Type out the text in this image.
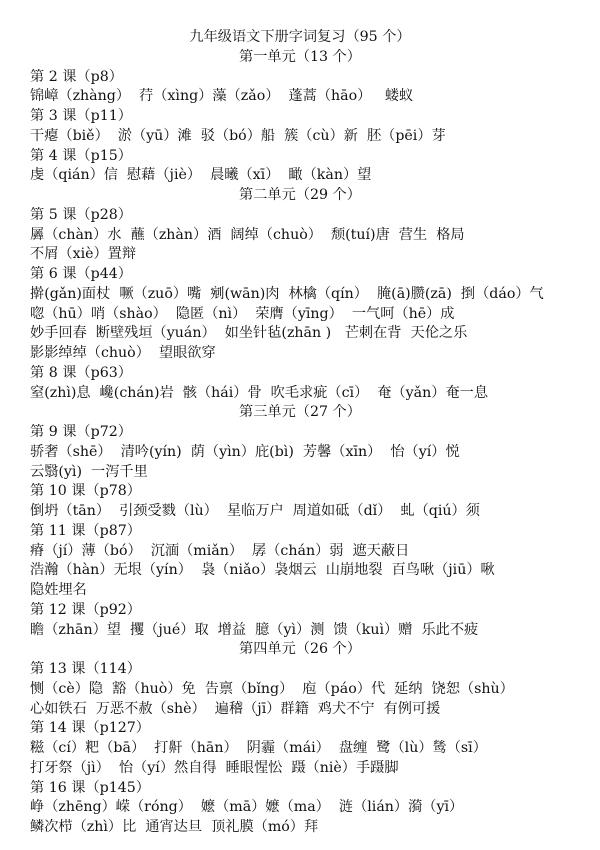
九年级语文下册字词复习（95 个）
第一单元（13 个）
第 2 课（p8）
锦嶂（zhàng）  荇（xìng）藻（zǎo）  蓬蒿（hāo）   蝼蚁
第 3 课（p11）
干瘪（biě）  淤（yū）滩  驳（bó）船  簇（cù）新  胚（pēi）芽
第 4 课（p15）
虔（qián）信  慰藉（jiè）  晨曦（xī）  瞰（kàn）望
第二单元（29 个）
第 5 课（p28）
羼（chàn）水  蘸（zhàn）酒  阔绰（chuò）  颓(tuí)唐  营生  格局
不屑（xiè）置辩
第 6 课（p44）
擀(gǎn)面杖  噘（zuō）嘴  剜(wān)肉  林檎（qín）  腌(ā)臜(zā)  捯（dáo）气
唿（hū）哨（shào）  隐匿（nì）  荣膺（yīng）  一气呵（hē）成
妙手回春  断壁残垣（yuán）  如坐针毡(zhān )   芒刺在背  天伦之乐
影影绰绰（chuò）  望眼欲穿
第 8 课（p63）
窒(zhì)息  巉(chán)岩  骸（hái）骨  吹毛求疵（cī）  奄（yǎn）奄一息
第三单元（27 个）
第 9 课（p72）
骄奢（shē）  清吟(yín)  荫（yìn）庇(bì)  芳馨（xīn）  怡（yí）悦
云翳(yì)  一泻千里
第 10 课（p78）
倒坍（tān）  引颈受戮（lù）  星临万户  周道如砥（dǐ）  虬（qiú）须
第 11 课（p87）
瘠（jí）薄（bó）  沉湎（miǎn）  孱（chán）弱  遮天蔽日
浩瀚（hàn）无垠（yín）  袅（niǎo）袅烟云  山崩地裂  百鸟啾（jiū）啾
隐姓埋名
第 12 课（p92）
瞻（zhān）望  攫（jué）取  增益  臆（yì）测  馈（kuì）赠  乐此不疲
第四单元（26 个）
第 13 课（114）
恻（cè）隐  豁（huò）免  告禀（bǐng）  庖（páo）代  延纳  饶恕（shù）
心如铁石  万恶不赦（shè）  遍稽（jī）群籍  鸡犬不宁  有例可援
第 14 课（p127）
糍（cí）粑（bā）  打鼾（hān）  阴霾（mái）  盘缠  鹭（lù）鸶（sī）
打牙祭（jì）  怡（yí）然自得  睡眼惺忪  蹑（niè）手蹑脚
第 16 课（p145）
峥（zhēng）嵘（róng）  嬷（mā）嬷（ma）  涟（lián）漪（yī）
鳞次栉（zhì）比  通宵达旦  顶礼膜（mó）拜
